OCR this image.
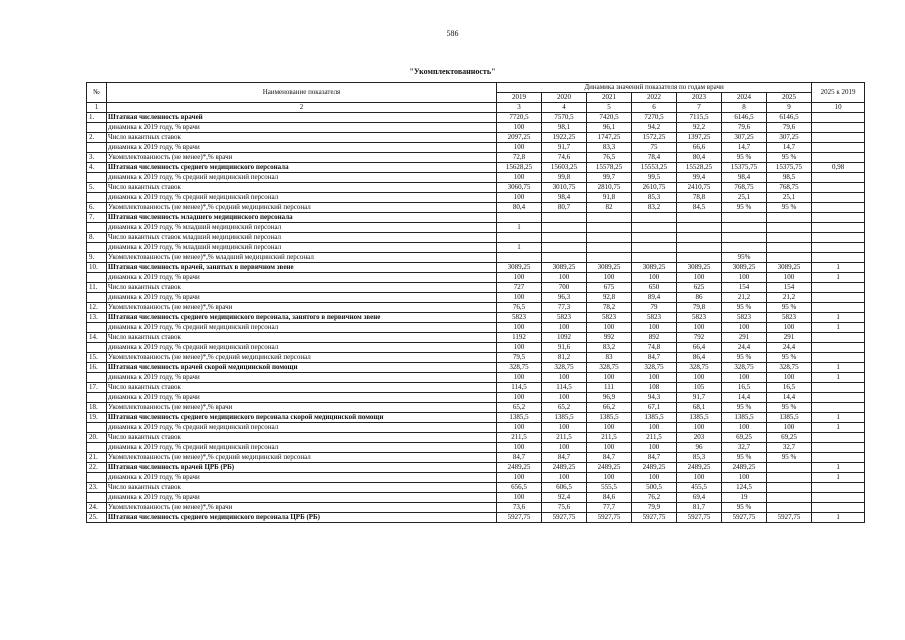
586
"Укомплектованность"
№	Наименование показателя	Динамика значений показателя по годам врачи							2025 к 2019
		2019	2020	2021	2022	2023	2024	2025	
1	2	3	4	5	6	7	8	9	10
1.	Штатная численность врачей	7720,5	7570,5	7420,5	7270,5	7115,5	6146,5	6146,5	
	динамика к 2019 году, % врачи	100	98,1	96,1	94,2	92,2	79,6	79,6	
2.	Число вакантных ставок	2097,25	1922,25	1747,25	1572,25	1397,25	307,25	307,25	
	динамика к 2019 году, % врачи	100	91,7	83,3	75	66,6	14,7	14,7	
3.	Укомплектованность (не менее)*,% врачи	72,8	74,6	76,5	78,4	80,4	95 %	95 %	
4.	Штатная численность среднего медицинского персонала	15628,25	15603,25	15578,25	15553,25	15528,25	15375,75	15375,75	0,98
	динамика к 2019 году, % средний медицинский персонал	100	99,8	99,7	99,5	99,4	98,4	98,5	
5.	Число вакантных ставок	3060,75	3010,75	2810,75	2610,75	2410,75	768,75	768,75	
	динамика к 2019 году, % средний медицинский персонал	100	98,4	91,8	85,3	78,8	25,1	25,1	
6.	Укомплектованность (не менее)*,% средний медицинский персонал	80,4	80,7	82	83,2	84,5	95 %	95 %	
7.	Штатная численность младшего медицинского персонала								
	динамика к 2019 году, % младший медицинский персонал	1							
8.	Число вакантных ставок младший медицинский персонал								
	динамика к 2019 году, % младший медицинский персонал	1							
9.	Укомплектованность (не менее)*,% младший медицинский персонал						95%		
10.	Штатная численность врачей, занятых в первичном звене	3089,25	3089,25	3089,25	3089,25	3089,25	3089,25	3089,25	1
	динамика к 2019 году, % врачи	100	100	100	100	100	100	100	1
11.	Число вакантных ставок	727	700	675	650	625	154	154	
	динамика к 2019 году, % врачи	100	96,3	92,8	89,4	86	21,2	21,2	
12.	Укомплектованность (не менее)*,% врачи	76,5	77,3	78,2	79	79,8	95 %	95 %	
13.	Штатная численность среднего медицинского персонала, занятого в первичном звене	5823	5823	5823	5823	5823	5823	5823	1
	динамика к 2019 году, % средний медицинский персонал	100	100	100	100	100	100	100	1
14.	Число вакантных ставок	1192	1092	992	892	792	291	291	
	динамика к 2019 году, % средний медицинский персонал	100	91,6	83,2	74,8	66,4	24,4	24,4	
15.	Укомплектованность (не менее)*,% средний медицинский персонал	79,5	81,2	83	84,7	86,4	95 %	95 %	
16.	Штатная численность врачей скорой медицинской помощи	328,75	328,75	328,75	328,75	328,75	328,75	328,75	1
	динамика к 2019 году, % врачи	100	100	100	100	100	100	100	1
17.	Число вакантных ставок	114,5	114,5	111	108	105	16,5	16,5	
	динамика к 2019 году, % врачи	100	100	96,9	94,3	91,7	14,4	14,4	
18.	Укомплектованность (не менее)*,% врачи	65,2	65,2	66,2	67,1	68,1	95 %	95 %	
19.	Штатная численность среднего медицинского персонала скорой медицинской помощи	1385,5	1385,5	1385,5	1385,5	1385,5	1385,5	1385,5	1
	динамика к 2019 году, % средний медицинский персонал	100	100	100	100	100	100	100	1
20.	Число вакантных ставок	211,5	211,5	211,5	211,5	203	69,25	69,25	
	динамика к 2019 году, % средний медицинский персонал	100	100	100	100	96	32,7	32,7	
21.	Укомплектованность (не менее)*,% средний медицинский персонал	84,7	84,7	84,7	84,7	85,3	95 %	95 %	
22.	Штатная численность врачей ЦРБ (РБ)	2489,25	2489,25	2489,25	2489,25	2489,25	2489,25		1
	динамика к 2019 году, % врачи	100	100	100	100	100	100		1
23.	Число вакантных ставок	656,5	606,5	555,5	500,5	455,5	124,5		
	динамика к 2019 году, % врачи	100	92,4	84,6	76,2	69,4	19		
24.	Укомплектованность (не менее)*,% врачи	73,6	75,6	77,7	79,9	81,7	95 %		
25.	Штатная численность среднего медицинского персонала ЦРБ (РБ)	5927,75	5927,75	5927,75	5927,75	5927,75	5927,75	5927,75	1
